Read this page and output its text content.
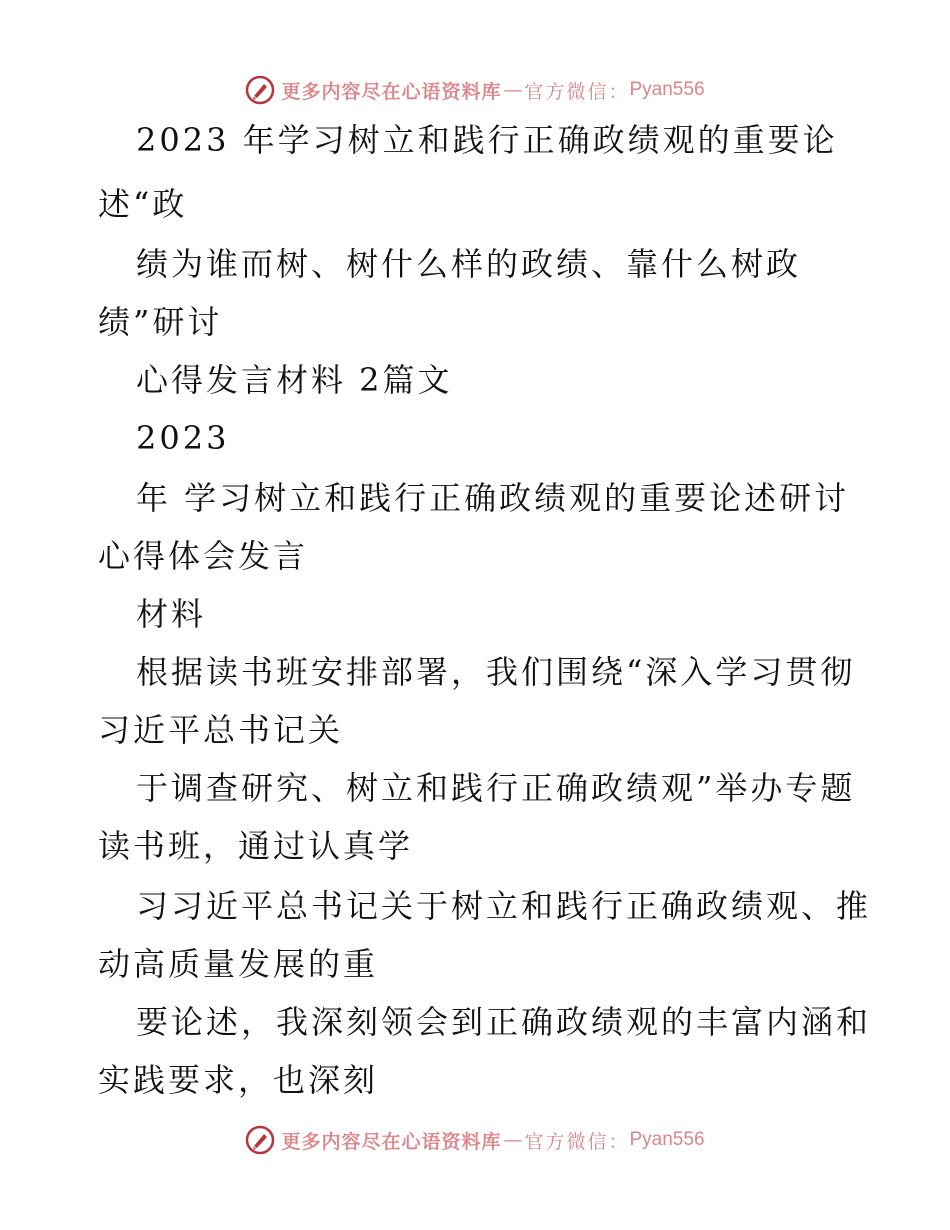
更多内容尽在心语资料库 — 官方微信： Pyan556
2023 年学习树立和践行正确政绩观的重要论
述“政
绩为谁而树、树什么样的政绩、靠什么树政
绩”研讨
心得发言材料 2篇文
2023
年 学习树立和践行正确政绩观的重要论述研讨
心得体会发言
材料
根据读书班安排部署，我们围绕“深入学习贯彻
习近平总书记关
于调查研究、树立和践行正确政绩观”举办专题
读书班，通过认真学
习习近平总书记关于树立和践行正确政绩观、推
动高质量发展的重
要论述，我深刻领会到正确政绩观的丰富内涵和
实践要求，也深刻
更多内容尽在心语资料库 — 官方微信： Pyan556
